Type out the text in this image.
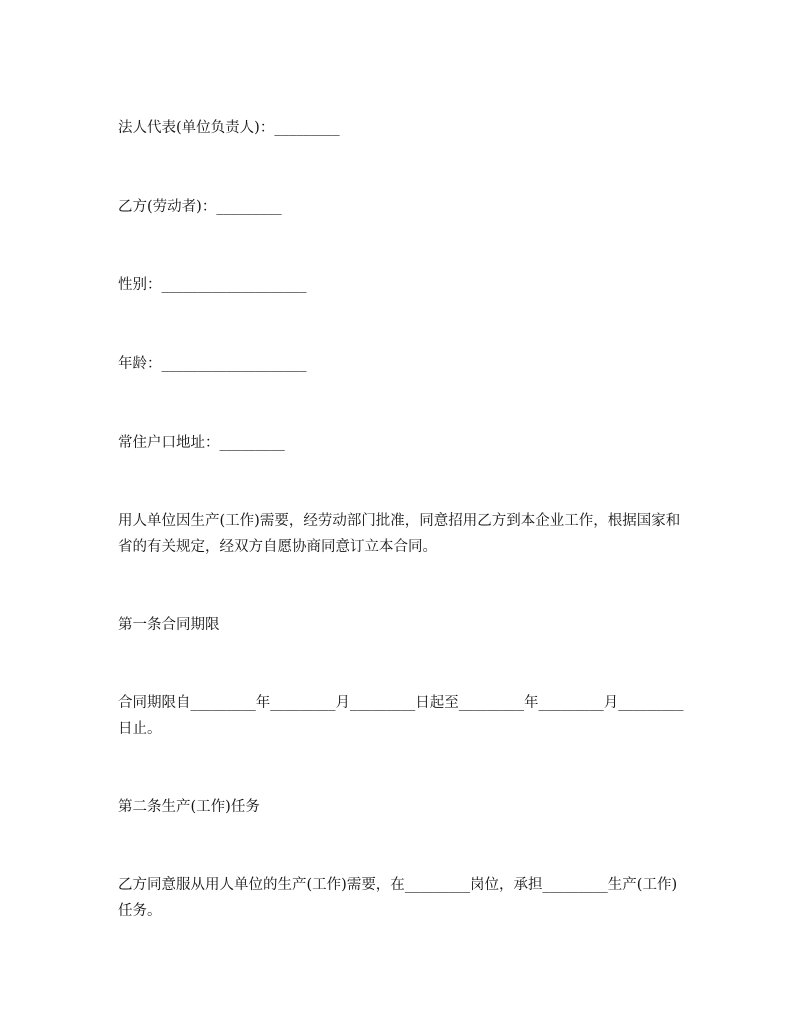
法人代表(单位负责人)：_________

乙方(劳动者)：_________

性别：____________________

年龄：____________________

常住户口地址：_________

用人单位因生产(工作)需要，经劳动部门批准，同意招用乙方到本企业工作，根据国家和省的有关规定，经双方自愿协商同意订立本合同。

第一条合同期限

合同期限自_________年_________月_________日起至_________年_________月_________日止。

第二条生产(工作)任务

乙方同意服从用人单位的生产(工作)需要，在_________岗位，承担_________生产(工作)任务。
